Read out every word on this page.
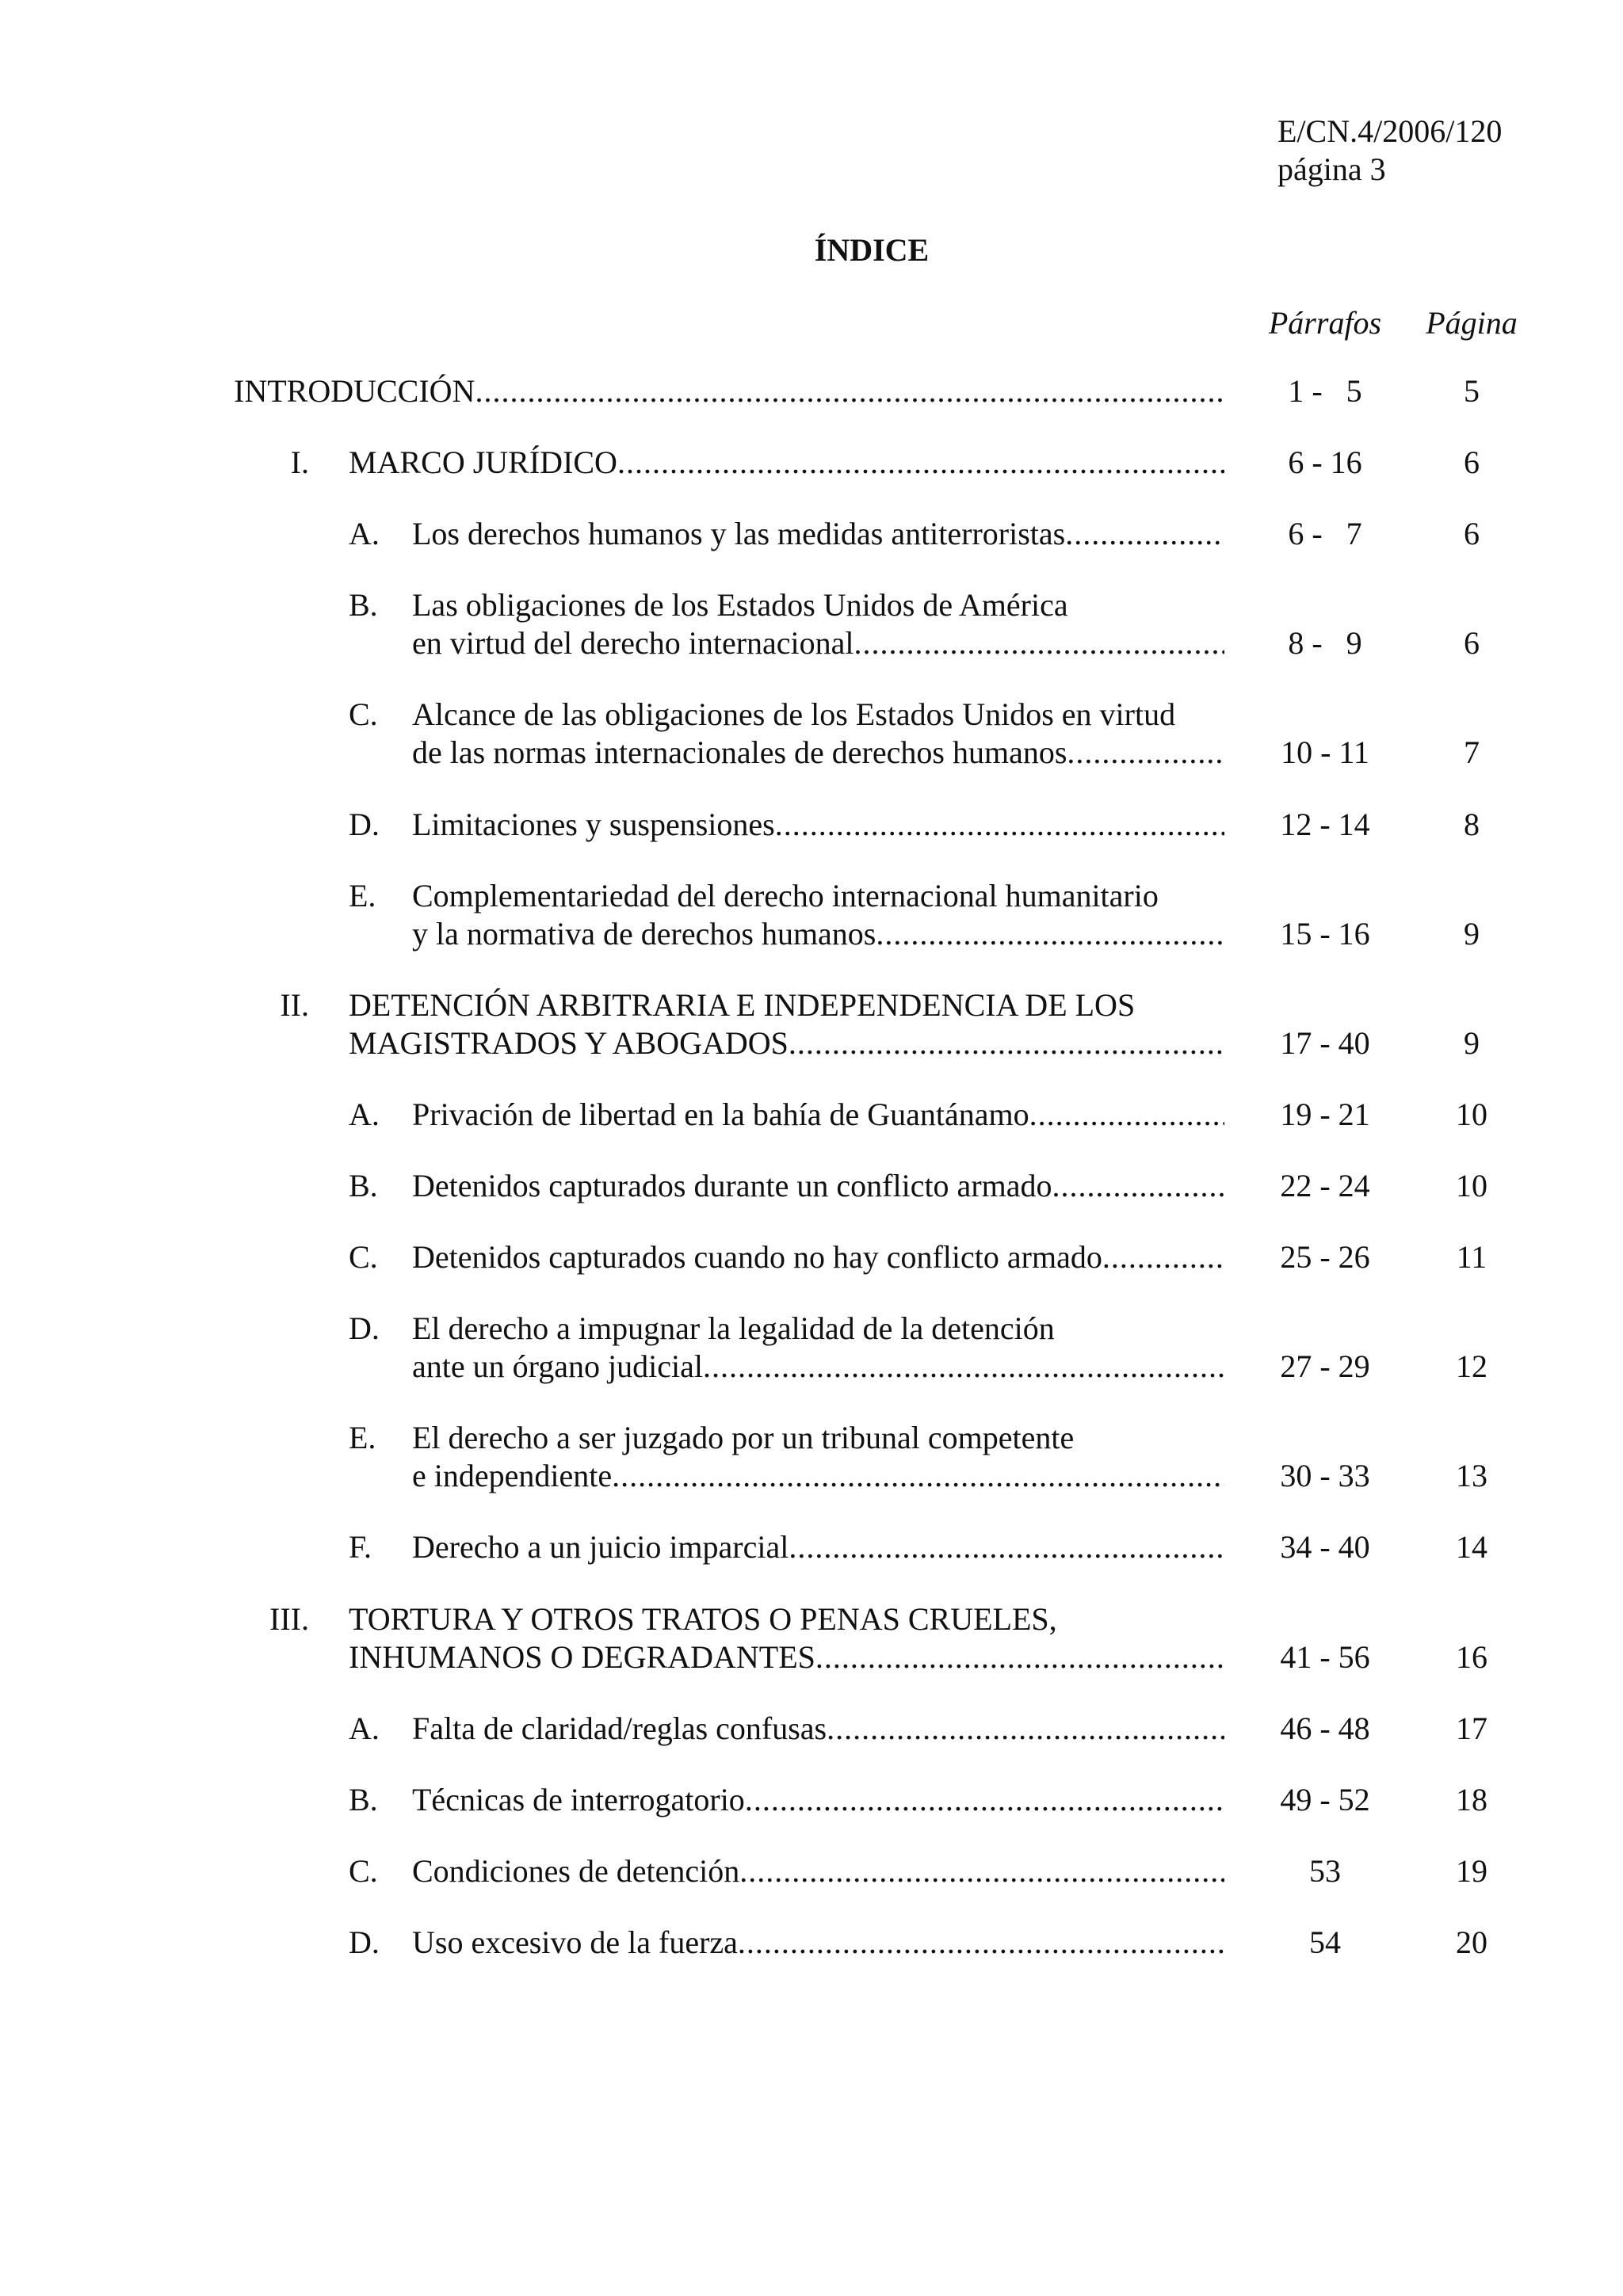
E/CN.4/2006/120
página 3
ÍNDICE
Párrafos	Página
INTRODUCCIÓN .....	1 -   5	5
I. MARCO JURÍDICO .....	6 - 16	6
A. Los derechos humanos y las medidas antiterroristas .....	6 -   7	6
B. Las obligaciones de los Estados Unidos de América
en virtud del derecho internacional .....	8 -   9	6
C. Alcance de las obligaciones de los Estados Unidos en virtud
de las normas internacionales de derechos humanos .....	10 - 11	7
D. Limitaciones y suspensiones .....	12 - 14	8
E. Complementariedad del derecho internacional humanitario
y la normativa de derechos humanos .....	15 - 16	9
II. DETENCIÓN ARBITRARIA E INDEPENDENCIA DE LOS
MAGISTRADOS Y ABOGADOS .....	17 - 40	9
A. Privación de libertad en la bahía de Guantánamo .....	19 - 21	10
B. Detenidos capturados durante un conflicto armado .....	22 - 24	10
C. Detenidos capturados cuando no hay conflicto armado .....	25 - 26	11
D. El derecho a impugnar la legalidad de la detención
ante un órgano judicial .....	27 - 29	12
E. El derecho a ser juzgado por un tribunal competente
e independiente .....	30 - 33	13
F. Derecho a un juicio imparcial .....	34 - 40	14
III. TORTURA Y OTROS TRATOS O PENAS CRUELES,
INHUMANOS O DEGRADANTES .....	41 - 56	16
A. Falta de claridad/reglas confusas .....	46 - 48	17
B. Técnicas de interrogatorio .....	49 - 52	18
C. Condiciones de detención .....	53	19
D. Uso excesivo de la fuerza .....	54	20
